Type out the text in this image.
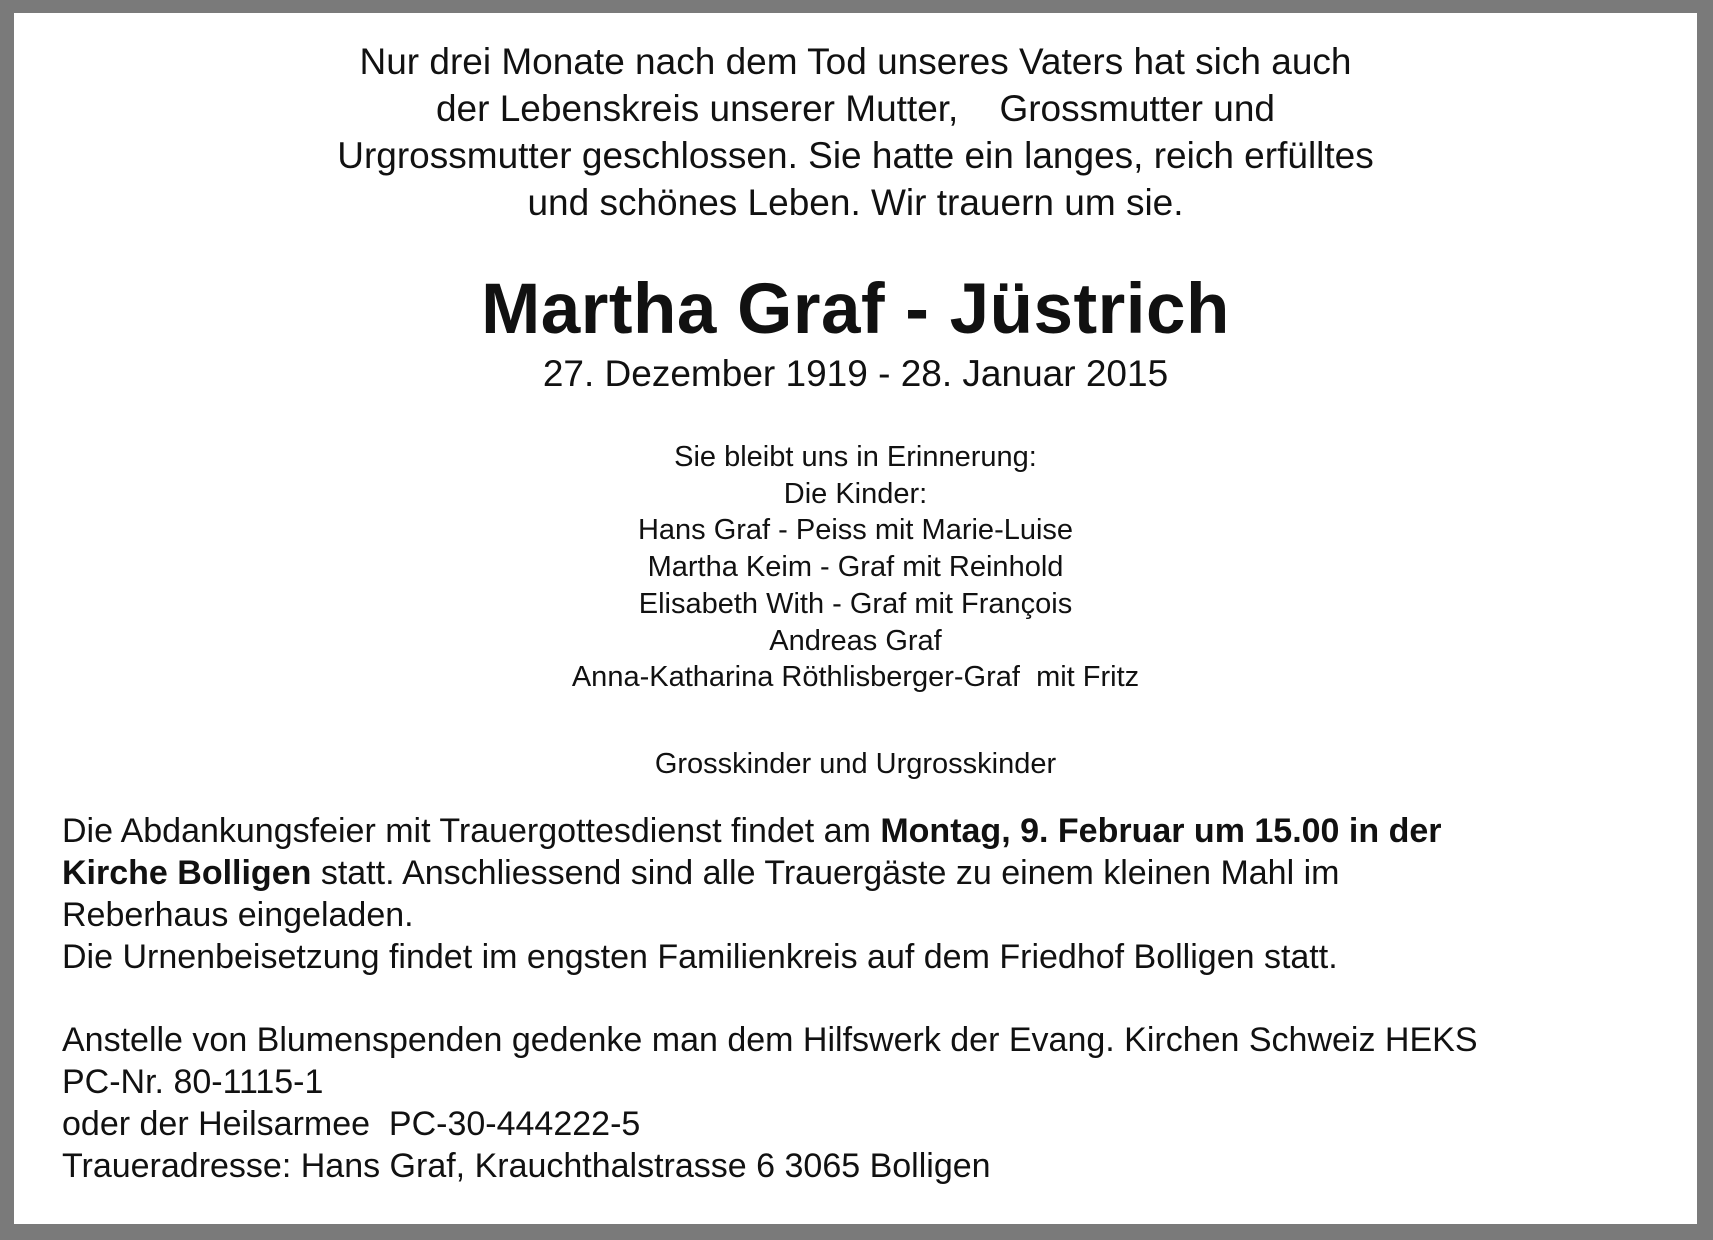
Nur drei Monate nach dem Tod unseres Vaters hat sich auch
der Lebenskreis unserer Mutter,    Grossmutter und
Urgrossmutter geschlossen. Sie hatte ein langes, reich erfülltes
und schönes Leben. Wir trauern um sie.
Martha Graf - Jüstrich
27. Dezember 1919 - 28. Januar 2015
Sie bleibt uns in Erinnerung:
Die Kinder:
Hans Graf - Peiss mit Marie-Luise
Martha Keim - Graf mit Reinhold
Elisabeth With - Graf mit François
Andreas Graf
Anna-Katharina Röthlisberger-Graf  mit Fritz
Grosskinder und Urgrosskinder
Die Abdankungsfeier mit Trauergottesdienst findet am Montag, 9. Februar um 15.00 in der
Kirche Bolligen statt. Anschliessend sind alle Trauergäste zu einem kleinen Mahl im
Reberhaus eingeladen.
Die Urnenbeisetzung findet im engsten Familienkreis auf dem Friedhof Bolligen statt.
Anstelle von Blumenspenden gedenke man dem Hilfswerk der Evang. Kirchen Schweiz HEKS
PC-Nr. 80-1115-1
oder der Heilsarmee  PC-30-444222-5
Traueradresse: Hans Graf, Krauchthalstrasse 6 3065 Bolligen
